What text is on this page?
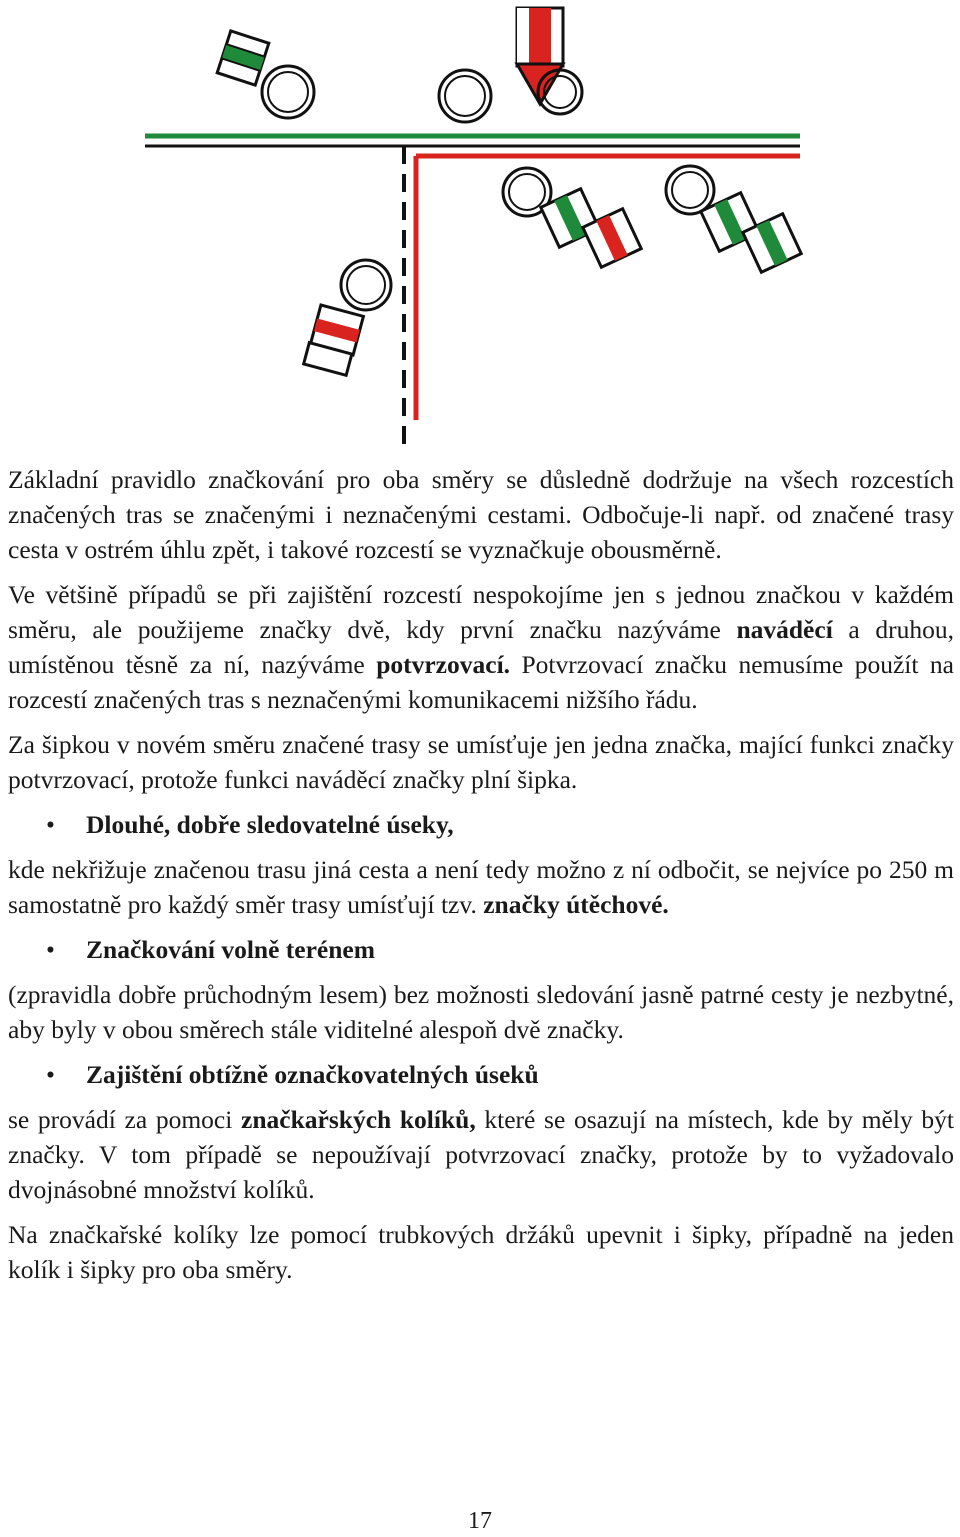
Základní pravidlo značkování pro oba směry se důsledně dodržuje na všech rozcestích značených tras se značenými i neznačenými cestami. Odbočuje-li např. od značené trasy cesta v ostrém úhlu zpět, i takové rozcestí se vyznačkuje obousměrně.

Ve většině případů se při zajištění rozcestí nespokojíme jen s jednou značkou v každém směru, ale použijeme značky dvě, kdy první značku nazýváme naváděcí a druhou, umístěnou těsně za ní, nazýváme potvrzovací. Potvrzovací značku nemusíme použít na rozcestí značených tras s neznačenými komunikacemi nižšího řádu.

Za šipkou v novém směru značené trasy se umísťuje jen jedna značka, mající funkci značky potvrzovací, protože funkci naváděcí značky plní šipka.

•	Dlouhé, dobře sledovatelné úseky,

kde nekřižuje značenou trasu jiná cesta a není tedy možno z ní odbočit, se nejvíce po 250 m samostatně pro každý směr trasy umísťují tzv. značky útěchové.

•	Značkování volně terénem

(zpravidla dobře průchodným lesem) bez možnosti sledování jasně patrné cesty je nezbytné, aby byly v obou směrech stále viditelné alespoň dvě značky.

•	Zajištění obtížně označkovatelných úseků

se provádí za pomoci značkařských kolíků, které se osazují na místech, kde by měly být značky. V tom případě se nepoužívají potvrzovací značky, protože by to vyžadovalo dvojnásobné množství kolíků.

Na značkařské kolíky lze pomocí trubkových držáků upevnit i šipky, případně na jeden kolík i šipky pro oba směry.

17
